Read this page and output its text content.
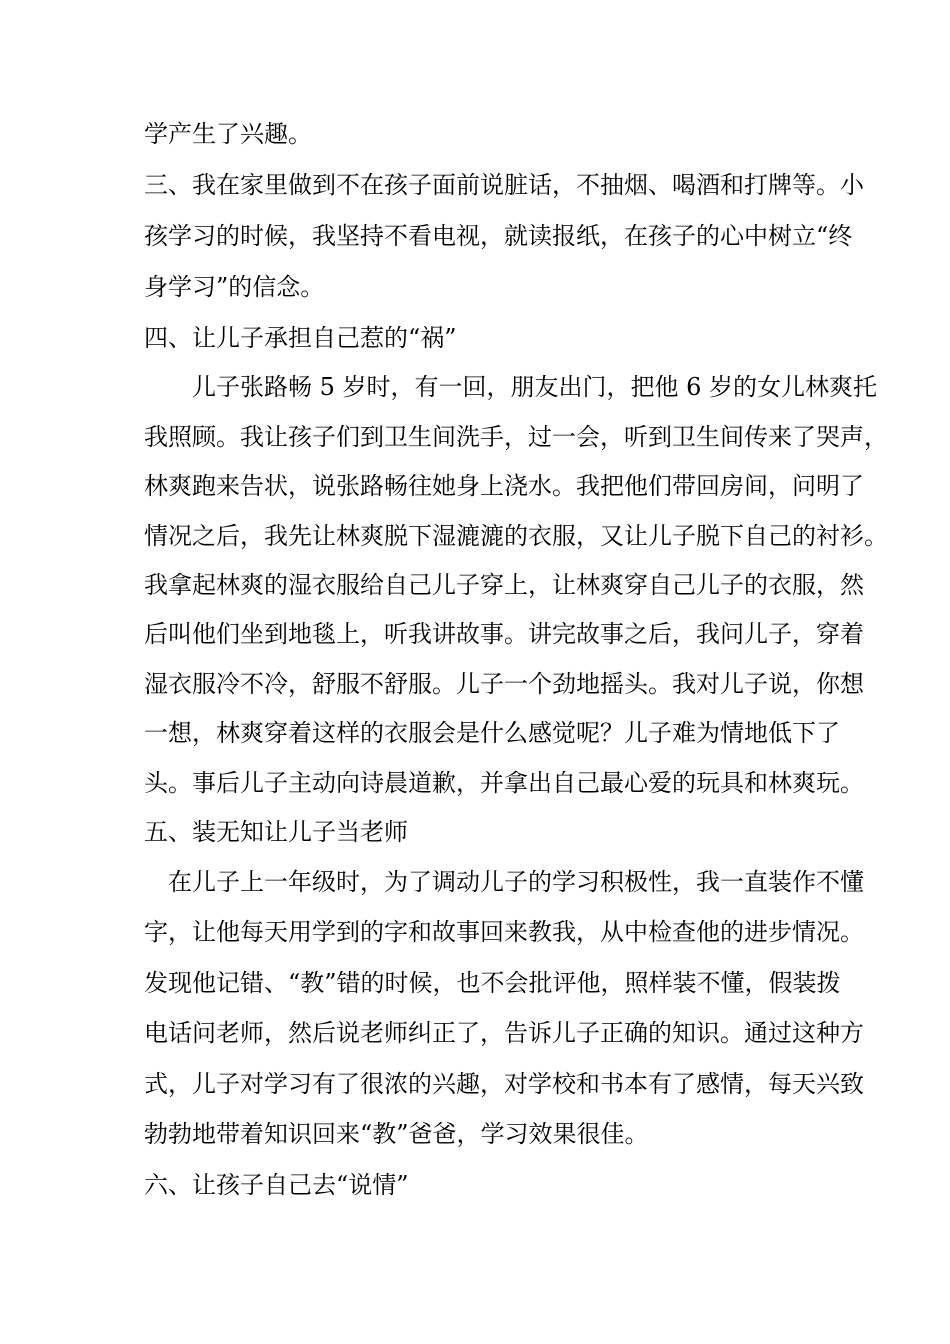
学产生了兴趣。
三、我在家里做到不在孩子面前说脏话，不抽烟、喝酒和打牌等。小
孩学习的时候，我坚持不看电视，就读报纸，在孩子的心中树立“终
身学习”的信念。
四、让儿子承担自己惹的“祸”
　　儿子张路畅 5 岁时，有一回，朋友出门，把他 6 岁的女儿林爽托
我照顾。我让孩子们到卫生间洗手，过一会，听到卫生间传来了哭声，
林爽跑来告状，说张路畅往她身上浇水。我把他们带回房间，问明了
情况之后，我先让林爽脱下湿漉漉的衣服，又让儿子脱下自己的衬衫。
我拿起林爽的湿衣服给自己儿子穿上，让林爽穿自己儿子的衣服，然
后叫他们坐到地毯上，听我讲故事。讲完故事之后，我问儿子，穿着
湿衣服冷不冷，舒服不舒服。儿子一个劲地摇头。我对儿子说，你想
一想，林爽穿着这样的衣服会是什么感觉呢？儿子难为情地低下了
头。事后儿子主动向诗晨道歉，并拿出自己最心爱的玩具和林爽玩。
五、装无知让儿子当老师
　在儿子上一年级时，为了调动儿子的学习积极性，我一直装作不懂
字，让他每天用学到的字和故事回来教我，从中检查他的进步情况。
发现他记错、“教”错的时候，也不会批评他，照样装不懂，假装拨
电话问老师，然后说老师纠正了，告诉儿子正确的知识。通过这种方
式，儿子对学习有了很浓的兴趣，对学校和书本有了感情，每天兴致
勃勃地带着知识回来“教”爸爸，学习效果很佳。
六、让孩子自己去“说情”
